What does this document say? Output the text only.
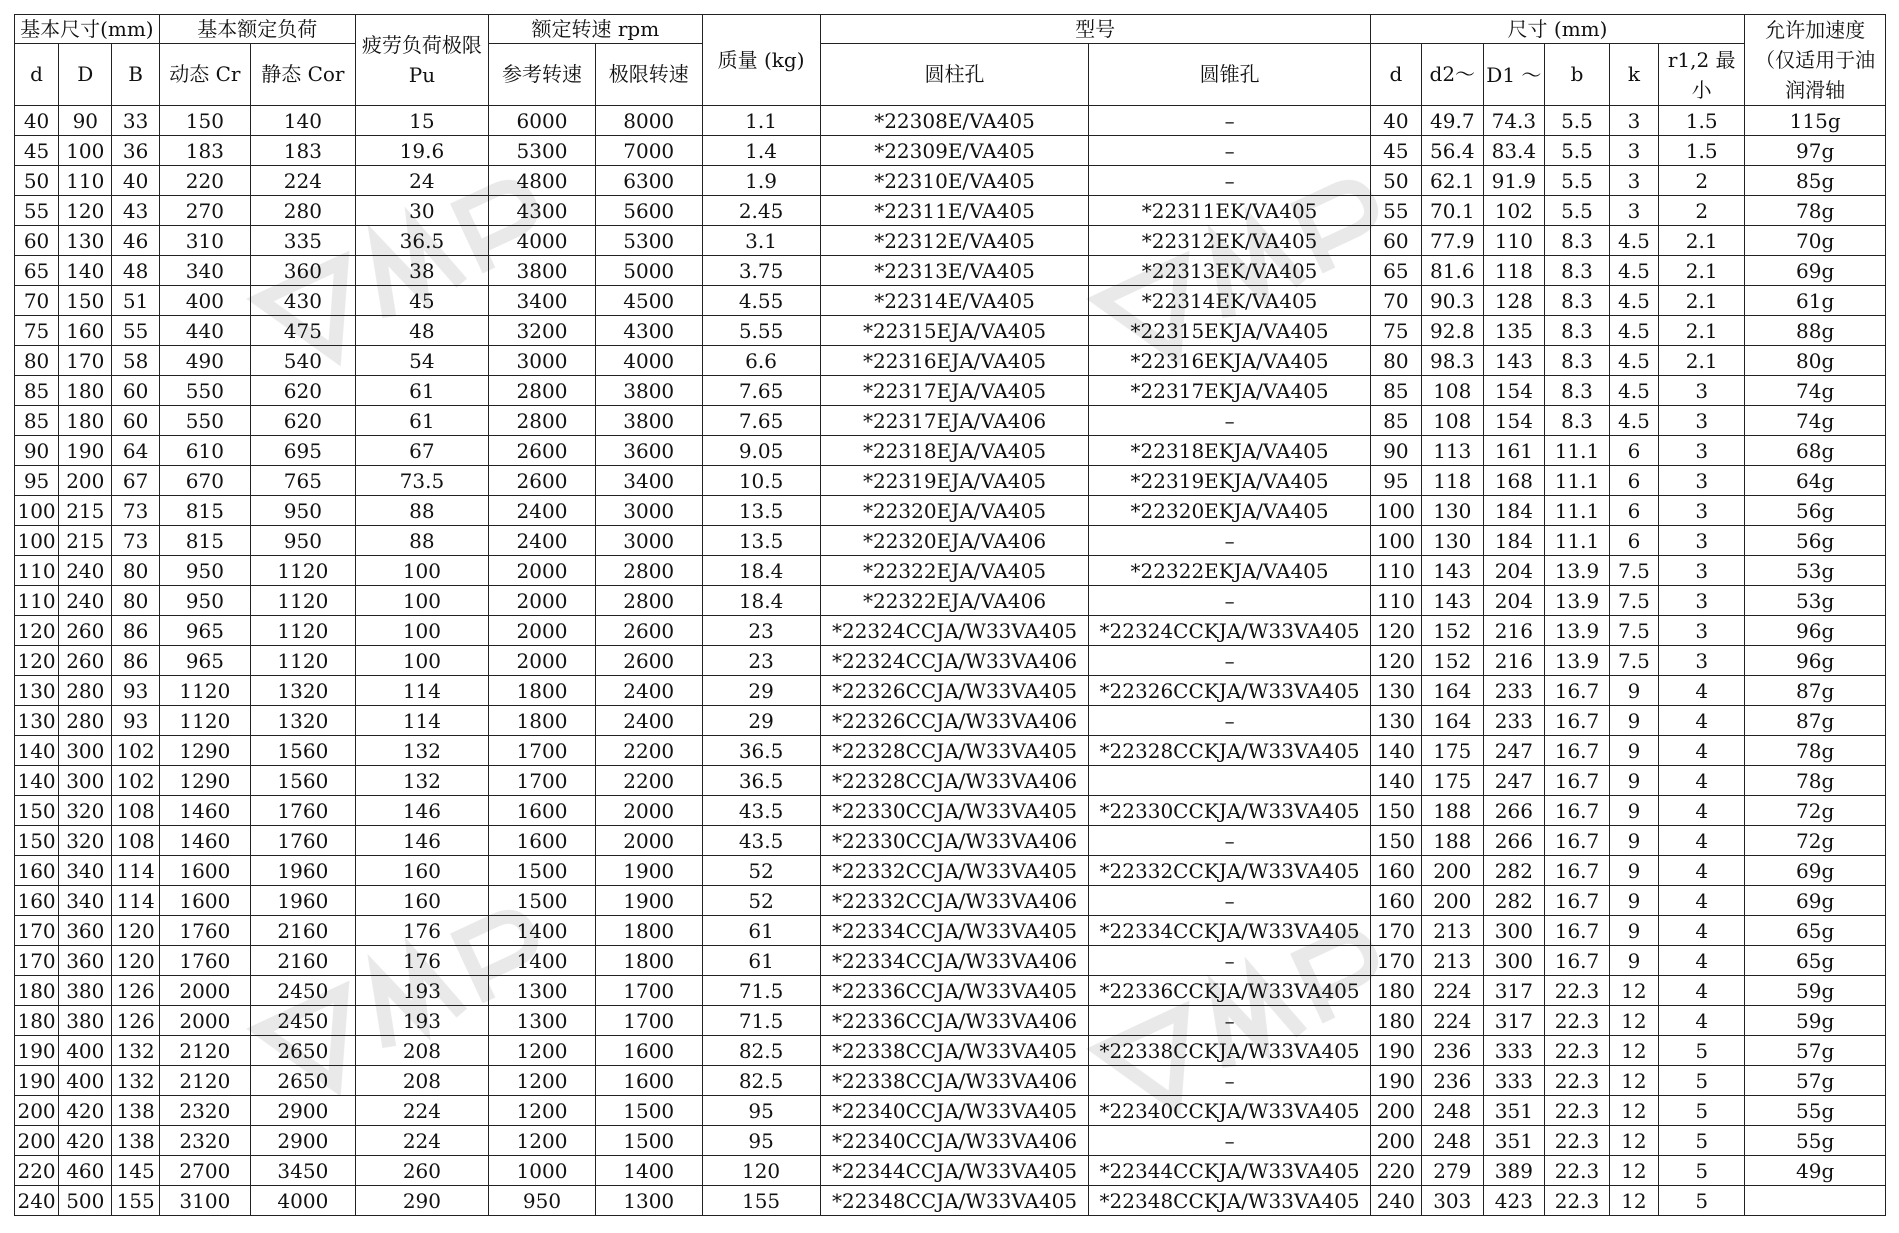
基本尺寸(mm)			基本额定负荷		疲劳负荷极限 Pu	额定转速 rpm		质量 (kg)	型号		尺寸 (mm)						允许加速度（仅适用于油润滑轴
d	D	B	动态 Cr	静态 Cor		参考转速	极限转速		圆柱孔	圆锥孔	d	d2～	D1 ～	b	k	r1,2 最小	
40	90	33	150	140	15	6000	8000	1.1	*22308E/VA405	–	40	49.7	74.3	5.5	3	1.5	115g
45	100	36	183	183	19.6	5300	7000	1.4	*22309E/VA405	–	45	56.4	83.4	5.5	3	1.5	97g
50	110	40	220	224	24	4800	6300	1.9	*22310E/VA405	–	50	62.1	91.9	5.5	3	2	85g
55	120	43	270	280	30	4300	5600	2.45	*22311E/VA405	*22311EK/VA405	55	70.1	102	5.5	3	2	78g
60	130	46	310	335	36.5	4000	5300	3.1	*22312E/VA405	*22312EK/VA405	60	77.9	110	8.3	4.5	2.1	70g
65	140	48	340	360	38	3800	5000	3.75	*22313E/VA405	*22313EK/VA405	65	81.6	118	8.3	4.5	2.1	69g
70	150	51	400	430	45	3400	4500	4.55	*22314E/VA405	*22314EK/VA405	70	90.3	128	8.3	4.5	2.1	61g
75	160	55	440	475	48	3200	4300	5.55	*22315EJA/VA405	*22315EKJA/VA405	75	92.8	135	8.3	4.5	2.1	88g
80	170	58	490	540	54	3000	4000	6.6	*22316EJA/VA405	*22316EKJA/VA405	80	98.3	143	8.3	4.5	2.1	80g
85	180	60	550	620	61	2800	3800	7.65	*22317EJA/VA405	*22317EKJA/VA405	85	108	154	8.3	4.5	3	74g
85	180	60	550	620	61	2800	3800	7.65	*22317EJA/VA406	–	85	108	154	8.3	4.5	3	74g
90	190	64	610	695	67	2600	3600	9.05	*22318EJA/VA405	*22318EKJA/VA405	90	113	161	11.1	6	3	68g
95	200	67	670	765	73.5	2600	3400	10.5	*22319EJA/VA405	*22319EKJA/VA405	95	118	168	11.1	6	3	64g
100	215	73	815	950	88	2400	3000	13.5	*22320EJA/VA405	*22320EKJA/VA405	100	130	184	11.1	6	3	56g
100	215	73	815	950	88	2400	3000	13.5	*22320EJA/VA406	–	100	130	184	11.1	6	3	56g
110	240	80	950	1120	100	2000	2800	18.4	*22322EJA/VA405	*22322EKJA/VA405	110	143	204	13.9	7.5	3	53g
110	240	80	950	1120	100	2000	2800	18.4	*22322EJA/VA406	–	110	143	204	13.9	7.5	3	53g
120	260	86	965	1120	100	2000	2600	23	*22324CCJA/W33VA405	*22324CCKJA/W33VA405	120	152	216	13.9	7.5	3	96g
120	260	86	965	1120	100	2000	2600	23	*22324CCJA/W33VA406	–	120	152	216	13.9	7.5	3	96g
130	280	93	1120	1320	114	1800	2400	29	*22326CCJA/W33VA405	*22326CCKJA/W33VA405	130	164	233	16.7	9	4	87g
130	280	93	1120	1320	114	1800	2400	29	*22326CCJA/W33VA406	–	130	164	233	16.7	9	4	87g
140	300	102	1290	1560	132	1700	2200	36.5	*22328CCJA/W33VA405	*22328CCKJA/W33VA405	140	175	247	16.7	9	4	78g
140	300	102	1290	1560	132	1700	2200	36.5	*22328CCJA/W33VA406		140	175	247	16.7	9	4	78g
150	320	108	1460	1760	146	1600	2000	43.5	*22330CCJA/W33VA405	*22330CCKJA/W33VA405	150	188	266	16.7	9	4	72g
150	320	108	1460	1760	146	1600	2000	43.5	*22330CCJA/W33VA406	–	150	188	266	16.7	9	4	72g
160	340	114	1600	1960	160	1500	1900	52	*22332CCJA/W33VA405	*22332CCKJA/W33VA405	160	200	282	16.7	9	4	69g
160	340	114	1600	1960	160	1500	1900	52	*22332CCJA/W33VA406	–	160	200	282	16.7	9	4	69g
170	360	120	1760	2160	176	1400	1800	61	*22334CCJA/W33VA405	*22334CCKJA/W33VA405	170	213	300	16.7	9	4	65g
170	360	120	1760	2160	176	1400	1800	61	*22334CCJA/W33VA406	–	170	213	300	16.7	9	4	65g
180	380	126	2000	2450	193	1300	1700	71.5	*22336CCJA/W33VA405	*22336CCKJA/W33VA405	180	224	317	22.3	12	4	59g
180	380	126	2000	2450	193	1300	1700	71.5	*22336CCJA/W33VA406	–	180	224	317	22.3	12	4	59g
190	400	132	2120	2650	208	1200	1600	82.5	*22338CCJA/W33VA405	*22338CCKJA/W33VA405	190	236	333	22.3	12	5	57g
190	400	132	2120	2650	208	1200	1600	82.5	*22338CCJA/W33VA406	–	190	236	333	22.3	12	5	57g
200	420	138	2320	2900	224	1200	1500	95	*22340CCJA/W33VA405	*22340CCKJA/W33VA405	200	248	351	22.3	12	5	55g
200	420	138	2320	2900	224	1200	1500	95	*22340CCJA/W33VA406	–	200	248	351	22.3	12	5	55g
220	460	145	2700	3450	260	1000	1400	120	*22344CCJA/W33VA405	*22344CCKJA/W33VA405	220	279	389	22.3	12	5	49g
240	500	155	3100	4000	290	950	1300	155	*22348CCJA/W33VA405	*22348CCKJA/W33VA405	240	303	423	22.3	12	5	
